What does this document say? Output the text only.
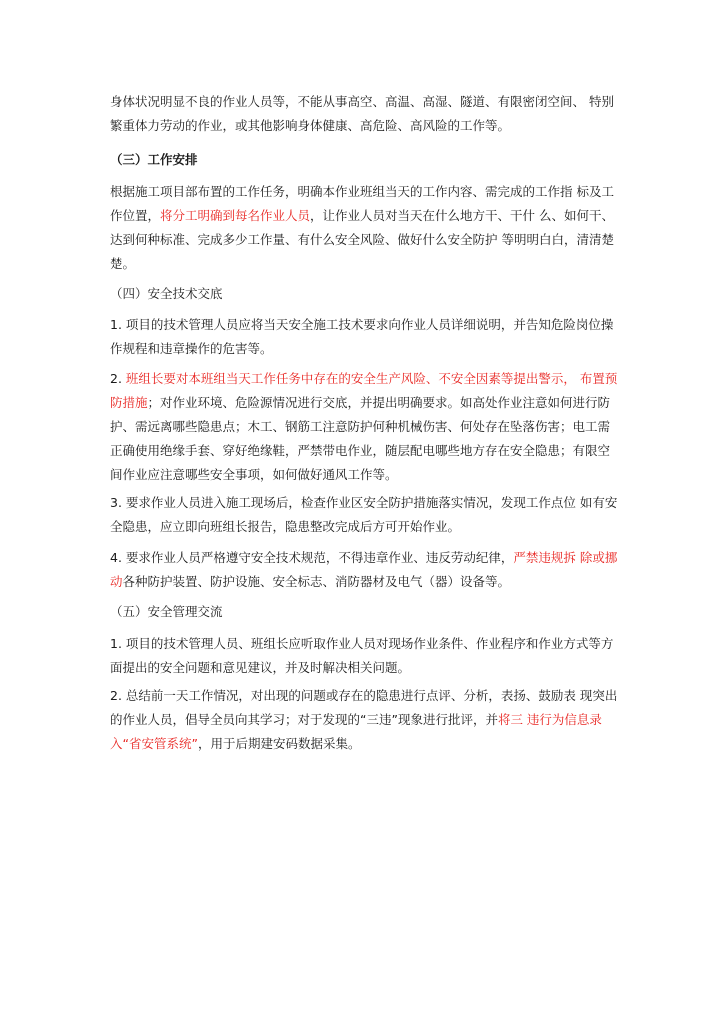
身体状况明显不良的作业人员等，不能从事高空、高温、高湿、隧道、有限密闭空间、 特别繁重体力劳动的作业，或其他影响身体健康、高危险、高风险的工作等。

（三）工作安排

根据施工项目部布置的工作任务，明确本作业班组当天的工作内容、需完成的工作指 标及工作位置，将分工明确到每名作业人员，让作业人员对当天在什么地方干、干什 么、如何干、达到何种标准、完成多少工作量、有什么安全风险、做好什么安全防护 等明明白白，清清楚楚。

（四）安全技术交底

1. 项目的技术管理人员应将当天安全施工技术要求向作业人员详细说明，并告知危险岗位操作规程和违章操作的危害等。

2. 班组长要对本班组当天工作任务中存在的安全生产风险、不安全因素等提出警示， 布置预防措施；对作业环境、危险源情况进行交底，并提出明确要求。如高处作业注意如何进行防护、需远离哪些隐患点；木工、钢筋工注意防护何种机械伤害、何处存在坠落伤害；电工需正确使用绝缘手套、穿好绝缘鞋，严禁带电作业，随层配电哪些地方存在安全隐患；有限空间作业应注意哪些安全事项，如何做好通风工作等。

3. 要求作业人员进入施工现场后，检查作业区安全防护措施落实情况，发现工作点位 如有安全隐患，应立即向班组长报告，隐患整改完成后方可开始作业。

4. 要求作业人员严格遵守安全技术规范，不得违章作业、违反劳动纪律，严禁违规拆 除或挪动各种防护装置、防护设施、安全标志、消防器材及电气（器）设备等。

（五）安全管理交流

1. 项目的技术管理人员、班组长应听取作业人员对现场作业条件、作业程序和作业方式等方面提出的安全问题和意见建议，并及时解决相关问题。

2. 总结前一天工作情况，对出现的问题或存在的隐患进行点评、分析，表扬、鼓励表 现突出的作业人员，倡导全员向其学习；对于发现的“三违”现象进行批评，并将三 违行为信息录入“省安管系统”，用于后期建安码数据采集。
